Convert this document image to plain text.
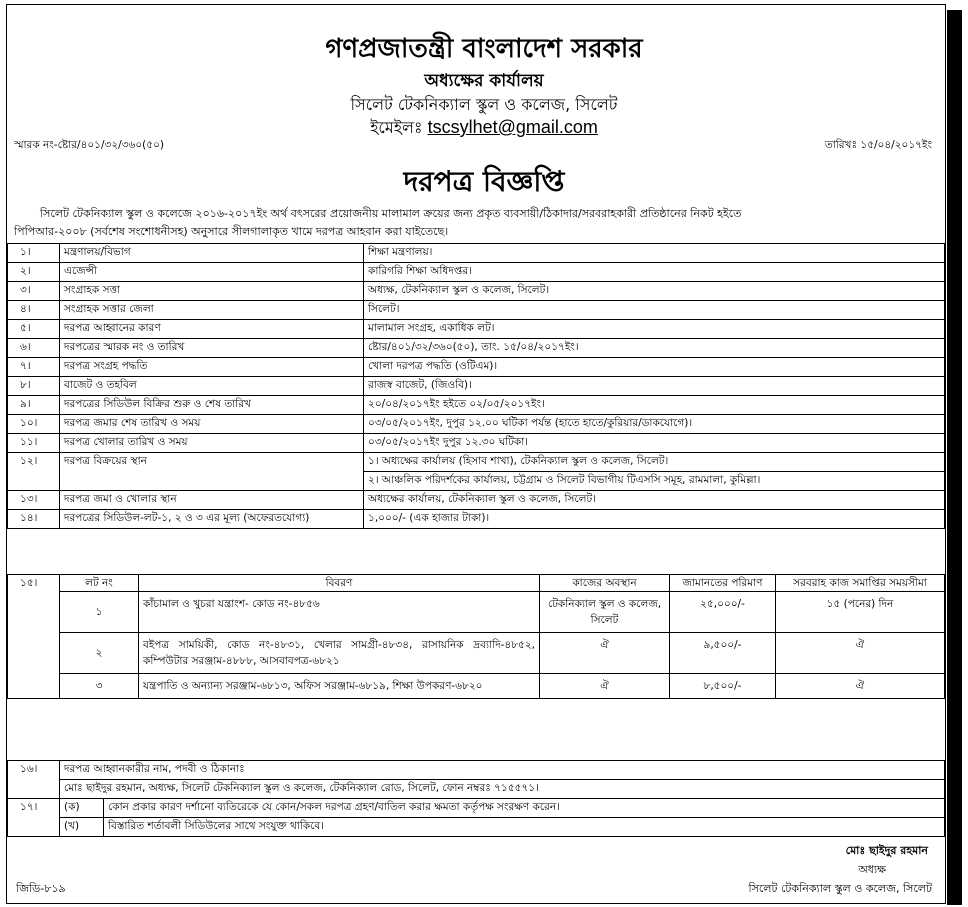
গণপ্রজাতন্ত্রী বাংলাদেশ সরকার
অধ্যক্ষের কার্যালয়
সিলেট টেকনিক্যাল স্কুল ও কলেজ, সিলেট
ইমেইলঃ tscsylhet@gmail.com
স্মারক নং-ষ্টোর/৪০১/৩২/৩৬০(৫০)	তারিখঃ ১৫/০৪/২০১৭ইং
দরপত্র বিজ্ঞপ্তি
সিলেট টেকনিক্যাল স্কুল ও কলেজে ২০১৬-২০১৭ইং অর্থ বৎসরের প্রয়োজনীয় মালামাল ক্রয়ের জন্য প্রকৃত ব্যবসায়ী/ঠিকাদার/সরবরাহকারী প্রতিষ্ঠানের নিকট হইতে
পিপিআর-২০০৮ (সর্বশেষ সংশোধনীসহ) অনুসারে সীলগালাকৃত খামে দরপত্র আহবান করা যাইতেছে।
১।	মন্ত্রণালয়/বিভাগ	শিক্ষা মন্ত্রণালয়।
২।	এজেন্সী	কারিগরি শিক্ষা অধিদপ্তর।
৩।	সংগ্রাহক সত্তা	অধ্যক্ষ, টেকনিক্যাল স্কুল ও কলেজ, সিলেট।
৪।	সংগ্রাহক সত্তার জেলা	সিলেট।
৫।	দরপত্র আহ্বানের কারণ	মালামাল সংগ্রহ, একাধিক লট।
৬।	দরপত্রের স্মারক নং ও তারিখ	ষ্টোর/৪০১/৩২/৩৬০(৫০), তাং. ১৫/০৪/২০১৭ইং।
৭।	দরপত্র সংগ্রহ পদ্ধতি	খোলা দরপত্র পদ্ধতি (ওটিএম)।
৮।	বাজেট ও তহবিল	রাজস্ব বাজেট, (জিওবি)।
৯।	দরপত্রের সিডিউল বিক্রির শুরু ও শেষ তারিখ	২০/০৪/২০১৭ইং হইতে ০২/০৫/২০১৭ইং।
১০।	দরপত্র জমার শেষ তারিখ ও সময়	০৩/০৫/২০১৭ইং, দুপুর ১২.০০ ঘটিকা পর্যন্ত (হাতে হাতে/কুরিয়ার/ডাকযোগে)।
১১।	দরপত্র খোলার তারিখ ও সময়	০৩/০৫/২০১৭ইং দুপুর ১২.৩০ ঘটিকা।
১২।	দরপত্র বিক্রয়ের স্থান	১। অধ্যক্ষের কার্যালয় (হিসাব শাখা), টেকনিক্যাল স্কুল ও কলেজ, সিলেট।
		২। আঞ্চলিক পরিদর্শকের কার্যালয়, চট্টগ্রাম ও সিলেট বিভাগীয় টিএসসি সমূহ, রামমালা, কুমিল্লা।
১৩।	দরপত্র জমা ও খোলার স্থান	অধ্যক্ষের কার্যালয়, টেকনিক্যাল স্কুল ও কলেজ, সিলেট।
১৪।	দরপত্রের সিডিউল-লট-১, ২ ও ৩ এর মূল্য (অফেরতযোগ্য)	১,০০০/- (এক হাজার টাকা)।
১৫।	লট নং	বিবরণ	কাজের অবস্থান	জামানতের পরিমাণ	সরবরাহ কাজ সমাপ্তির সময়সীমা
	১	কাঁচামাল ও খুচরা যন্ত্রাংশ- কোড নং-৪৮৫৬	টেকনিক্যাল স্কুল ও কলেজ, সিলেট	২৫,০০০/-	১৫ (পনের) দিন
	২	বইপত্র সাময়িকী, কোড নং-৪৮৩১, খেলার সামগ্রী-৪৮৩৪, রাসায়নিক দ্রব্যাদি-৪৮৫২, কম্পিউটার সরঞ্জাম-৪৮৮৮, আসবাবপত্র-৬৮২১	ঐ	৯,৫০০/-	ঐ
	৩	যন্ত্রপাতি ও অন্যান্য সরঞ্জাম-৬৮১৩, অফিস সরঞ্জাম-৬৮১৯, শিক্ষা উপকরণ-৬৮২০	ঐ	৮,৫০০/-	ঐ
১৬।	দরপত্র আহ্বানকারীর নাম, পদবী ও ঠিকানাঃ	
	মোঃ ছাইদুর রহমান, অধ্যক্ষ, সিলেট টেকনিক্যাল স্কুল ও কলেজ, টেকনিক্যাল রোড, সিলেট, ফোন নম্বরঃ ৭১৫৫৭১।	
১৭।	(ক)	কোন প্রকার কারণ দর্শানো ব্যতিরেকে যে কোন/সকল দরপত্র গ্রহণ/বাতিল করার ক্ষমতা কর্তৃপক্ষ সংরক্ষণ করেন।
	(খ)	বিস্তারিত শর্তাবলী সিডিউলের সাথে সংযুক্ত থাকিবে।
মোঃ ছাইদুর রহমান
অধ্যক্ষ
সিলেট টেকনিক্যাল স্কুল ও কলেজ, সিলেট
জিডি-৮১৯
